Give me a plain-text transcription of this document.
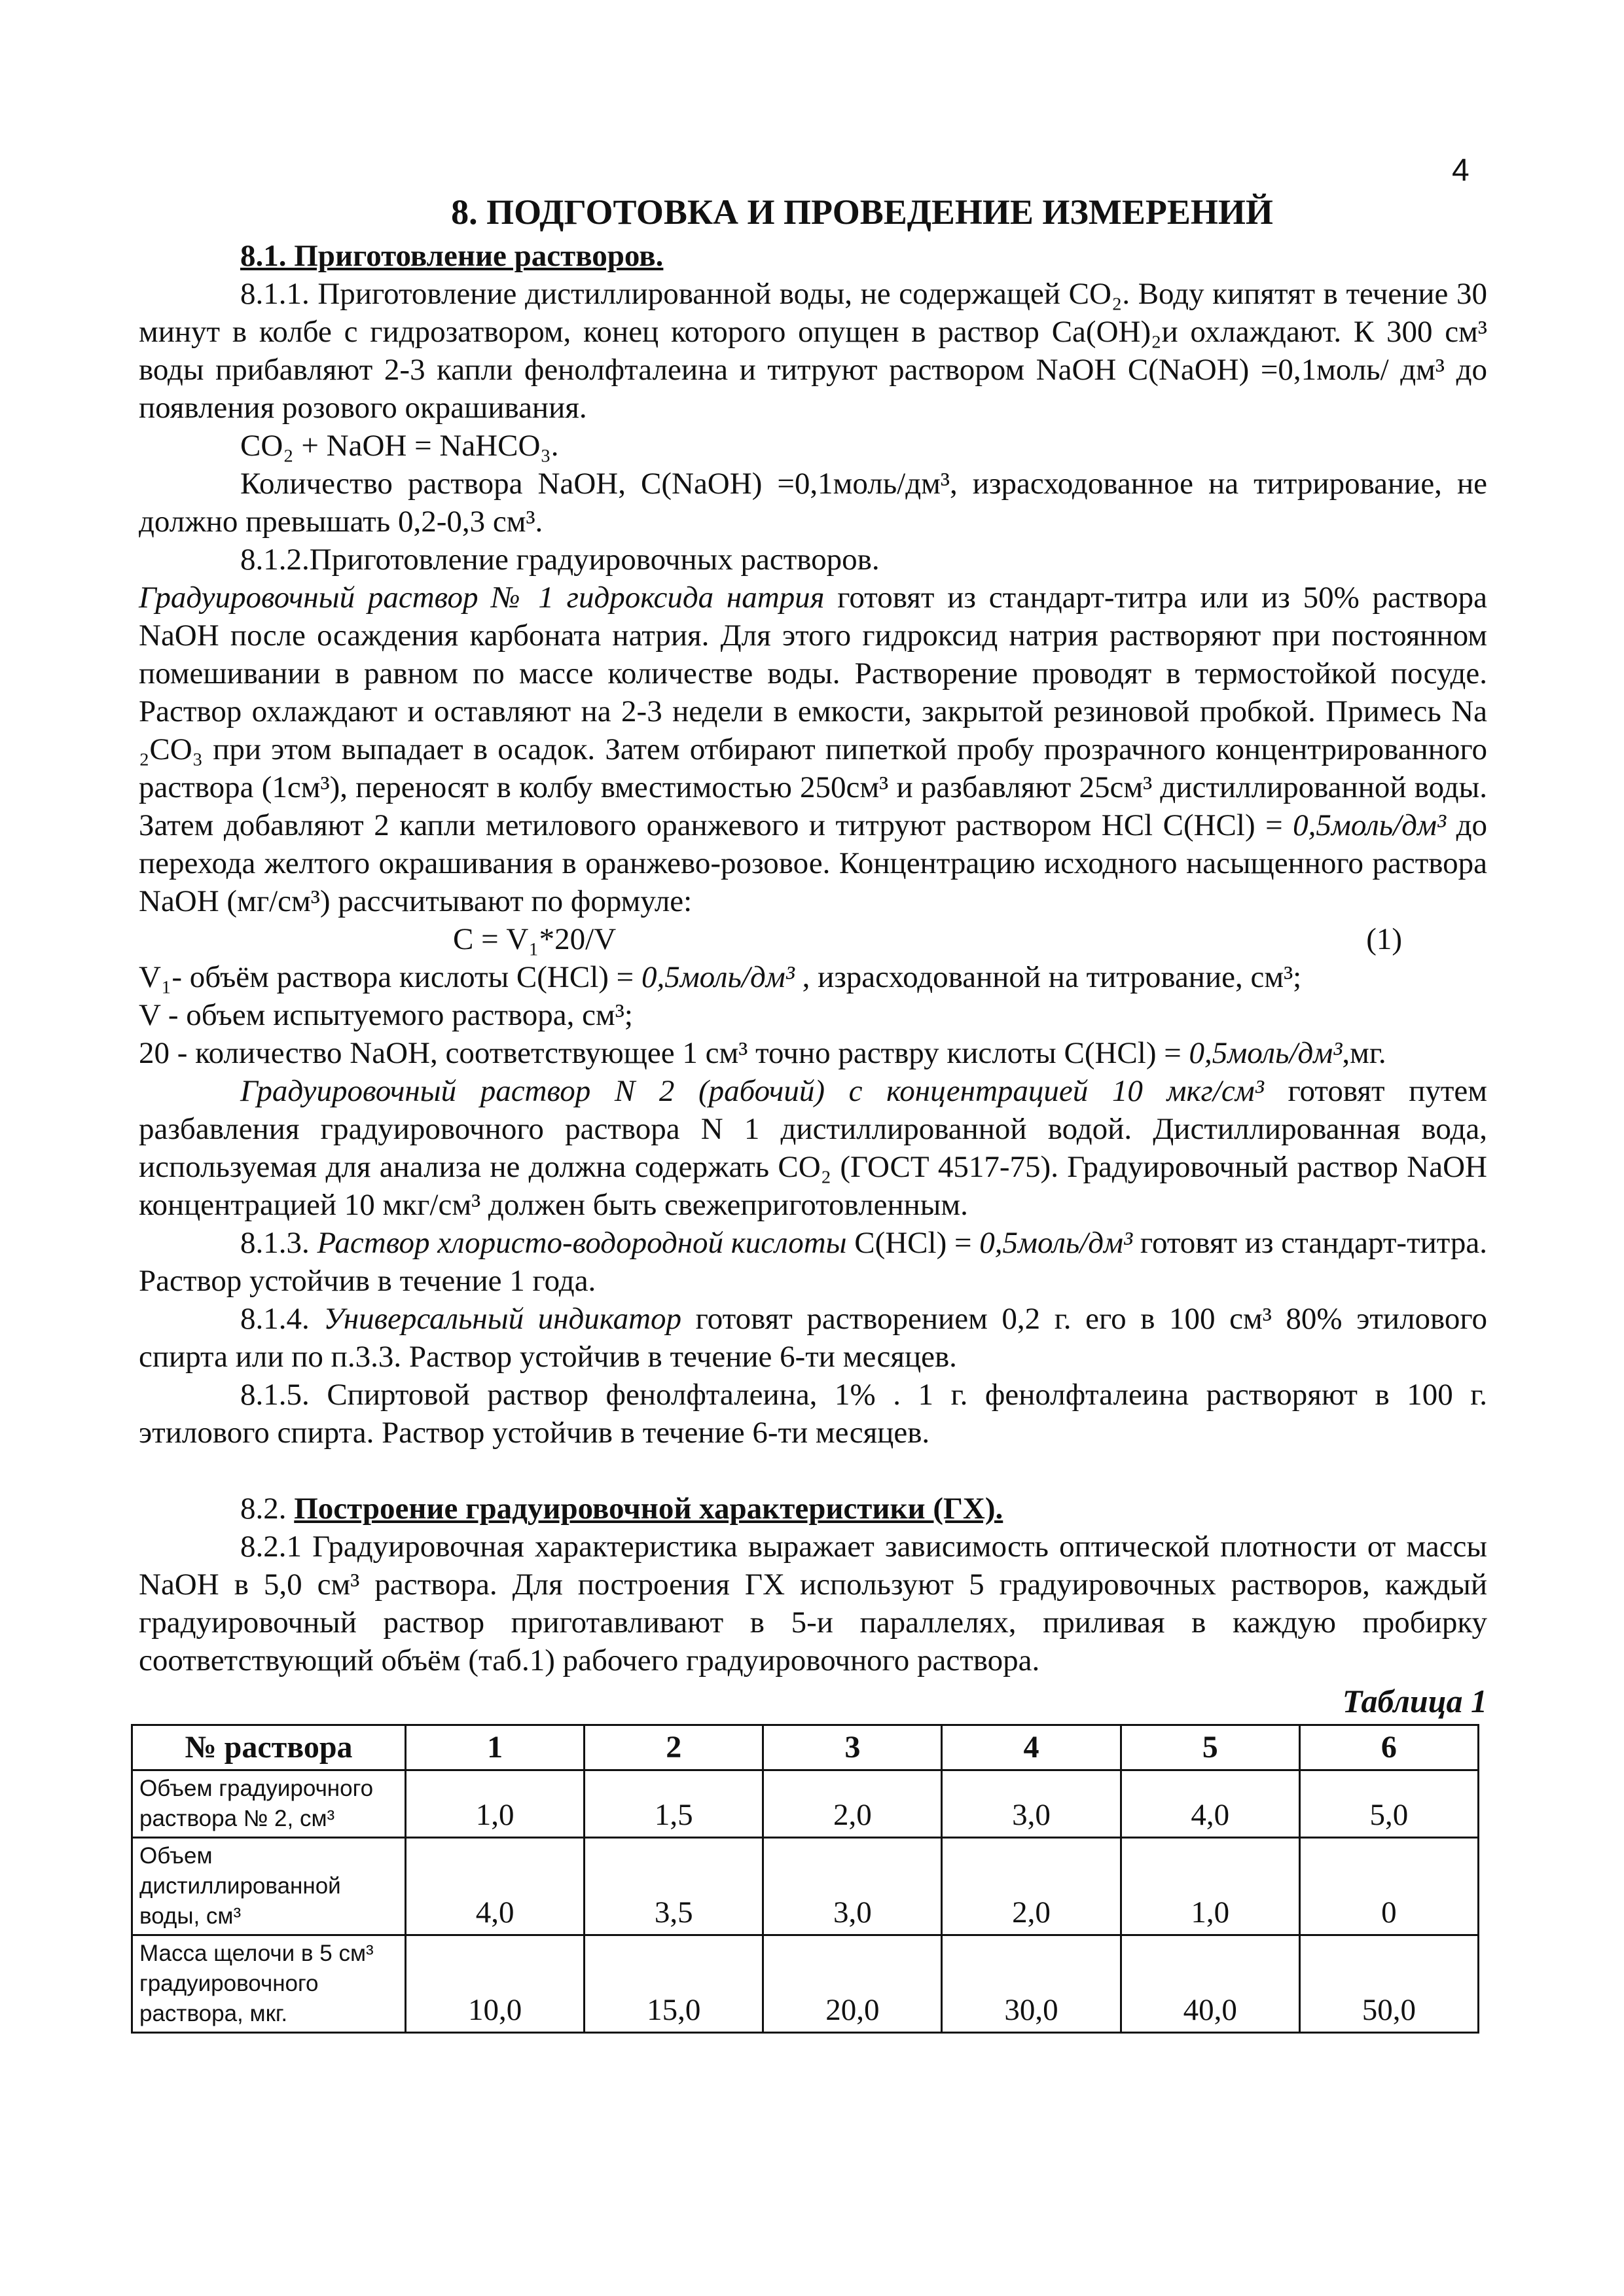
4
8. ПОДГОТОВКА И ПРОВЕДЕНИЕ ИЗМЕРЕНИЙ

8.1. Приготовление растворов.

8.1.1. Приготовление дистиллированной воды, не содержащей СО₂. Воду кипятят в течение 30 минут в колбе с гидрозатвором, конец которого опущен в раствор Са(ОН)₂и охлаждают. К 300 см³ воды прибавляют 2-3 капли фенолфталеина и титруют раствором NaOH С(NaOH) =0,1моль/ дм³ до появления розового окрашивания.

СО₂ + NaOH = NaНСО₃.

Количество раствора NaOH, С(NaOH) =0,1моль/дм³, израсходованное на титрирование, не должно превышать 0,2-0,3 см³.

8.1.2.Приготовление градуировочных растворов.

Градуировочный раствор № 1 гидроксида натрия готовят из стандарт-титра или из 50% раствора NaOH после осаждения карбоната натрия. Для этого гидроксид натрия растворяют при постоянном помешивании в равном по массе количестве воды. Растворение проводят в термостойкой посуде. Раствор охлаждают и оставляют на 2-3 недели в емкости, закрытой резиновой пробкой. Примесь Na ₂СО₃ при этом выпадает в осадок. Затем отбирают пипеткой пробу прозрачного концентрированного раствора (1см³), переносят в колбу вместимостью 250см³ и разбавляют 25см³ дистиллированной воды. Затем добавляют 2 капли метилового оранжевого и титруют раствором НСl С(НСl) = 0,5моль/дм³ до перехода желтого окрашивания в оранжево-розовое. Концентрацию исходного насыщенного раствора NaOH (мг/см³) рассчитывают по формуле:

С = V₁*20/V	(1)

V₁- объём раствора кислоты С(НСl) = 0,5моль/дм³ , израсходованной на титрование, см³;

V - объем испытуемого раствора, см³;

20 - количество NaOH, соответствующее 1 см³ точно раствру кислоты С(НСl) = 0,5моль/дм³,мг.

Градуировочный раствор N 2 (рабочий) с концентрацией 10 мкг/см³ готовят путем разбавления градуировочного раствора N 1 дистиллированной водой. Дистиллированная вода, используемая для анализа не должна содержать СО₂ (ГОСТ 4517-75). Градуировочный раствор NaOH концентрацией 10 мкг/см³ должен быть свежеприготовленным.

8.1.3. Раствор хлористо-водородной кислоты С(НСl) = 0,5моль/дм³ готовят из стандарт-титра. Раствор устойчив в течение 1 года.

8.1.4. Универсальный индикатор готовят растворением 0,2 г. его в 100 см³ 80% этилового спирта или по п.3.3. Раствор устойчив в течение 6-ти месяцев.

8.1.5. Спиртовой раствор фенолфталеина, 1% . 1 г. фенолфталеина растворяют в 100 г. этилового спирта. Раствор устойчив в течение 6-ти месяцев.

8.2. Построение градуировочной характеристики (ГХ).

8.2.1 Градуировочная характеристика выражает зависимость оптической плотности от массы NaOH в 5,0 см³ раствора. Для построения ГХ используют 5 градуировочных растворов, каждый градуировочный раствор приготавливают в 5-и параллелях, приливая в каждую пробирку соответствующий объём (таб.1) рабочего градуировочного раствора.

Таблица 1
№ раствора	1	2	3	4	5	6
Объем градуирочного раствора № 2, см³	1,0	1,5	2,0	3,0	4,0	5,0
Объем дистиллированной воды, см³	4,0	3,5	3,0	2,0	1,0	0
Масса щелочи в 5 см³ градуировочного раствора, мкг.	10,0	15,0	20,0	30,0	40,0	50,0
